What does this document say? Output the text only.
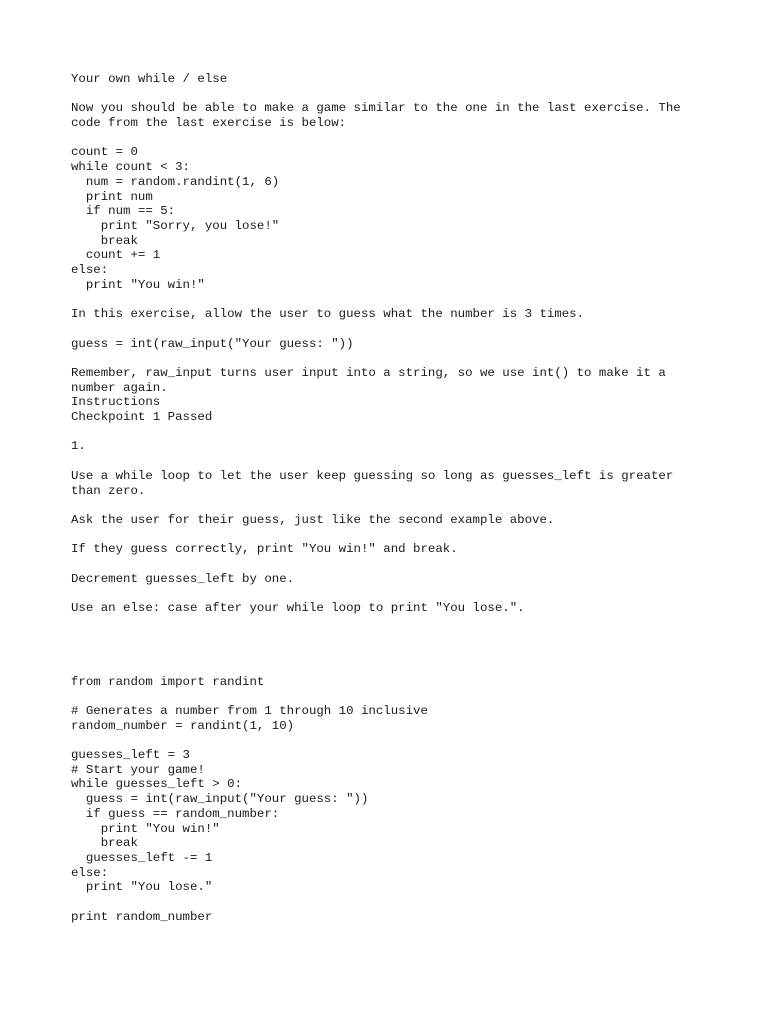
Your own while / else
Now you should be able to make a game similar to the one in the last exercise. The
code from the last exercise is below:
count = 0
while count < 3:
num = random.randint(1, 6)
print num
if num == 5:
print "Sorry, you lose!"
break
count += 1
else:
print "You win!"
In this exercise, allow the user to guess what the number is 3 times.
guess = int(raw_input("Your guess: "))
Remember, raw_input turns user input into a string, so we use int() to make it a
number again.
Instructions
Checkpoint 1 Passed
1.
Use a while loop to let the user keep guessing so long as guesses_left is greater
than zero.
Ask the user for their guess, just like the second example above.
If they guess correctly, print "You win!" and break.
Decrement guesses_left by one.
Use an else: case after your while loop to print "You lose.".
from random import randint
# Generates a number from 1 through 10 inclusive
random_number = randint(1, 10)
guesses_left = 3
# Start your game!
while guesses_left > 0:
guess = int(raw_input("Your guess: "))
if guess == random_number:
print "You win!"
break
guesses_left -= 1
else:
print "You lose."
print random_number
